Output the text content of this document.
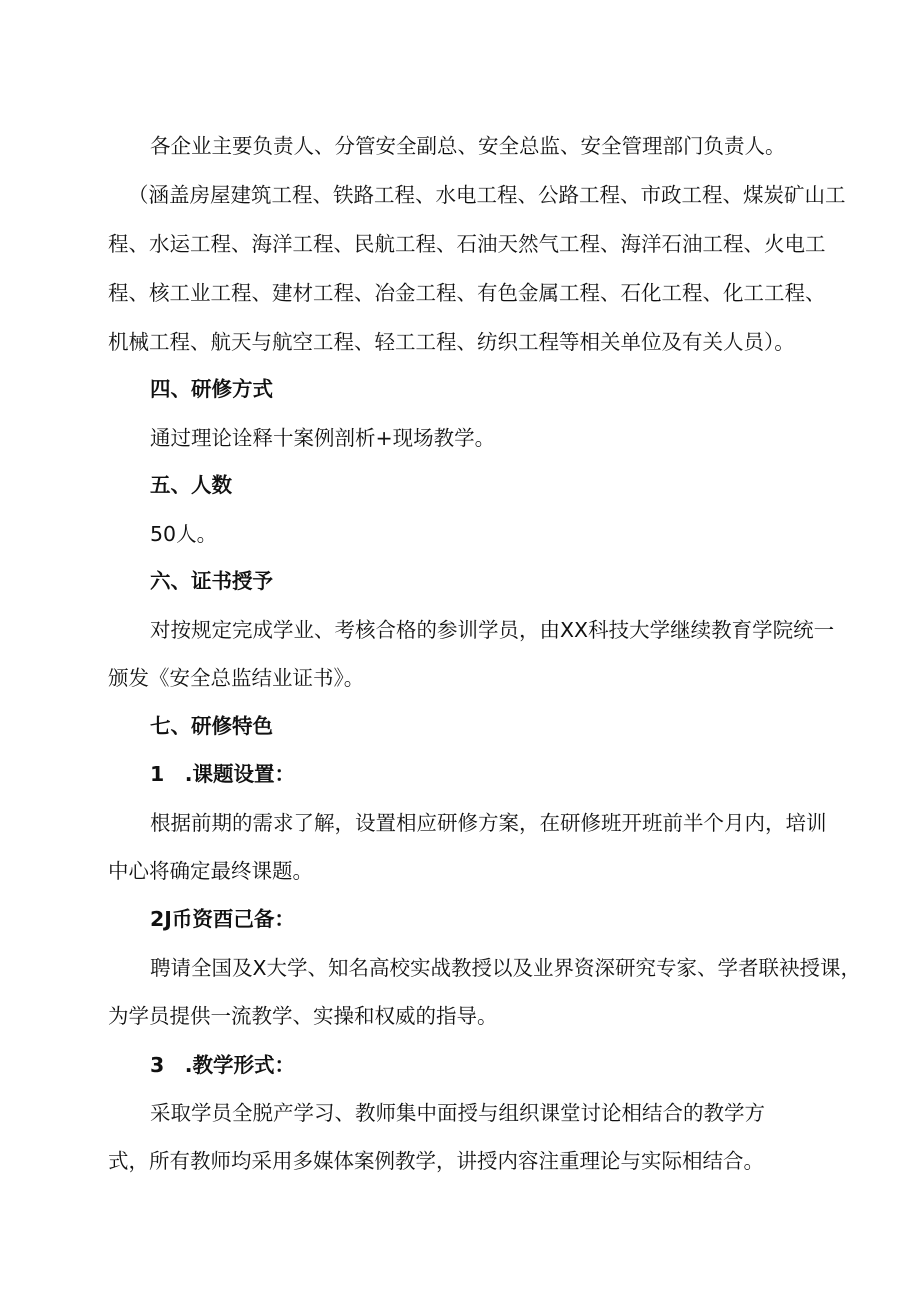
各企业主要负责人、分管安全副总、安全总监、安全管理部门负责人。

（涵盖房屋建筑工程、铁路工程、水电工程、公路工程、市政工程、煤炭矿山工

程、水运工程、海洋工程、民航工程、石油天然气工程、海洋石油工程、火电工

程、核工业工程、建材工程、冶金工程、有色金属工程、石化工程、化工工程、

机械工程、航天与航空工程、轻工工程、纺织工程等相关单位及有关人员）。

四、研修方式

通过理论诠释十案例剖析+现场教学。

五、人数

50人。

六、证书授予

对按规定完成学业、考核合格的参训学员，由XX科技大学继续教育学院统一

颁发《安全总监结业证书》。

七、研修特色

1　.课题设置：

根据前期的需求了解，设置相应研修方案，在研修班开班前半个月内，培训

中心将确定最终课题。

2J币资酉己备：

聘请全国及X大学、知名高校实战教授以及业界资深研究专家、学者联袂授课，

为学员提供一流教学、实操和权威的指导。

3　.教学形式：

采取学员全脱产学习、教师集中面授与组织课堂讨论相结合的教学方

式，所有教师均采用多媒体案例教学，讲授内容注重理论与实际相结合。
